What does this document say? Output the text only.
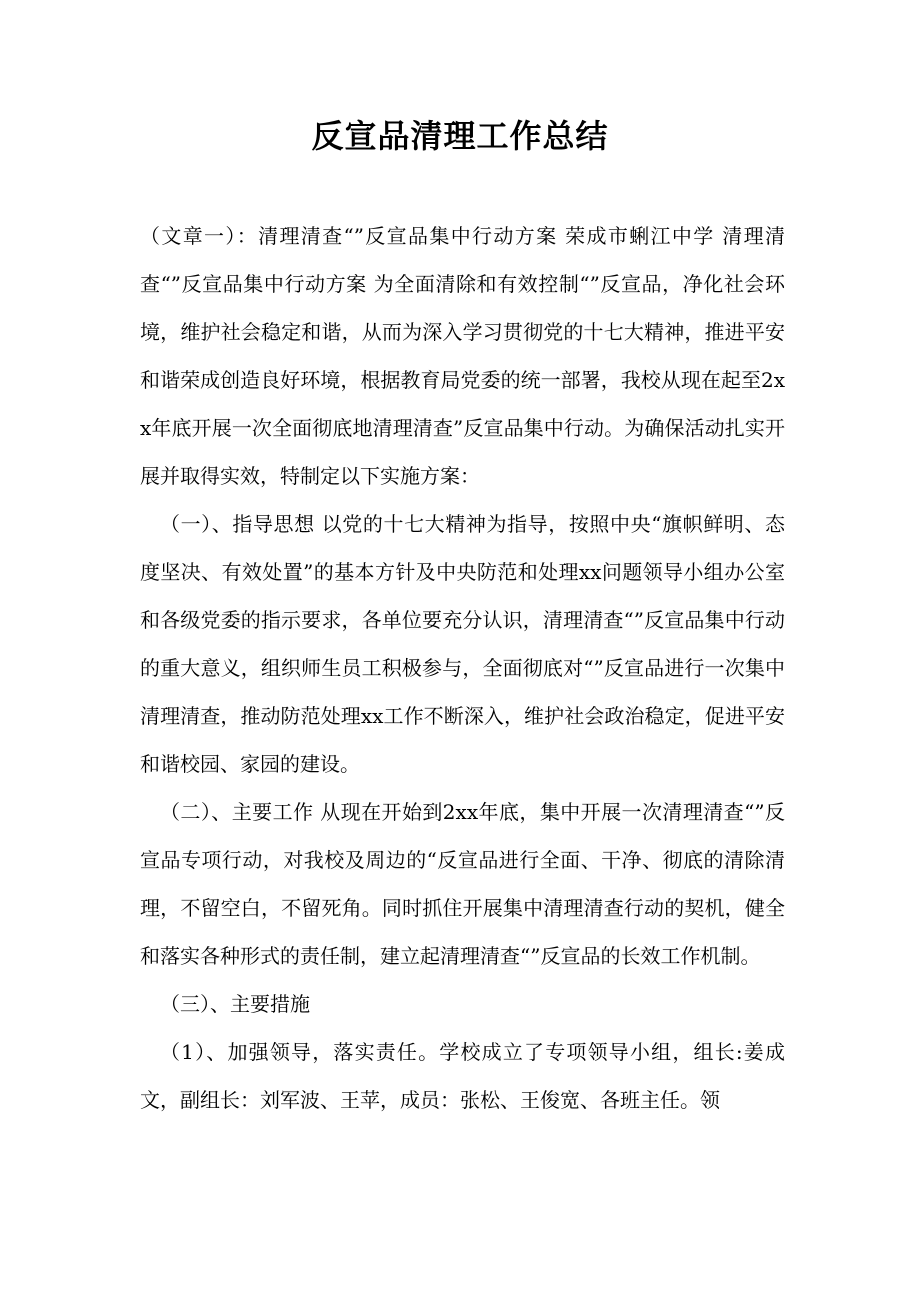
反宣品清理工作总结

（文章一）：清理清查“”反宣品集中行动方案 荣成市蜊江中学 清理清查“”反宣品集中行动方案 为全面清除和有效控制“”反宣品，净化社会环境，维护社会稳定和谐，从而为深入学习贯彻党的十七大精神，推进平安和谐荣成创造良好环境，根据教育局党委的统一部署，我校从现在起至2xx年底开展一次全面彻底地清理清查”反宣品集中行动。为确保活动扎实开展并取得实效，特制定以下实施方案：

（一）、指导思想 以党的十七大精神为指导，按照中央“旗帜鲜明、态度坚决、有效处置”的基本方针及中央防范和处理xx问题领导小组办公室和各级党委的指示要求，各单位要充分认识，清理清查“”反宣品集中行动的重大意义，组织师生员工积极参与，全面彻底对“”反宣品进行一次集中清理清查，推动防范处理xx工作不断深入，维护社会政治稳定，促进平安和谐校园、家园的建设。

（二）、主要工作 从现在开始到2xx年底，集中开展一次清理清查“”反宣品专项行动，对我校及周边的“反宣品进行全面、干净、彻底的清除清理，不留空白，不留死角。同时抓住开展集中清理清查行动的契机，健全和落实各种形式的责任制，建立起清理清查“”反宣品的长效工作机制。

（三）、主要措施

（1）、加强领导，落实责任。学校成立了专项领导小组，组长:姜成文，副组长：刘军波、王苹，成员：张松、王俊宽、各班主任。领
